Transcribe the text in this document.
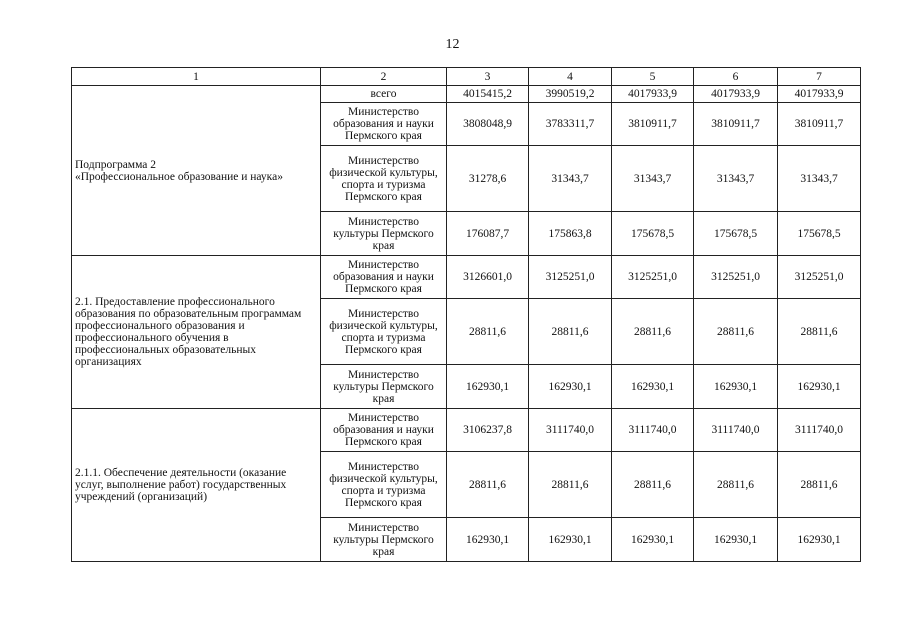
12
1	2	3	4	5	6	7
Подпрограмма 2
«Профессиональное образование и наука»	всего	4015415,2	3990519,2	4017933,9	4017933,9	4017933,9
	Министерство образования и науки Пермского края	3808048,9	3783311,7	3810911,7	3810911,7	3810911,7
	Министерство физической культуры, спорта и туризма Пермского края	31278,6	31343,7	31343,7	31343,7	31343,7
	Министерство культуры Пермского края	176087,7	175863,8	175678,5	175678,5	175678,5
2.1. Предоставление профессионального образования по образовательным программам профессионального образования и профессионального обучения в профессиональных образовательных организациях	Министерство образования и науки Пермского края	3126601,0	3125251,0	3125251,0	3125251,0	3125251,0
	Министерство физической культуры, спорта и туризма Пермского края	28811,6	28811,6	28811,6	28811,6	28811,6
	Министерство культуры Пермского края	162930,1	162930,1	162930,1	162930,1	162930,1
2.1.1. Обеспечение деятельности (оказание услуг, выполнение работ) государственных учреждений (организаций)	Министерство образования и науки Пермского края	3106237,8	3111740,0	3111740,0	3111740,0	3111740,0
	Министерство физической культуры, спорта и туризма Пермского края	28811,6	28811,6	28811,6	28811,6	28811,6
	Министерство культуры Пермского края	162930,1	162930,1	162930,1	162930,1	162930,1
